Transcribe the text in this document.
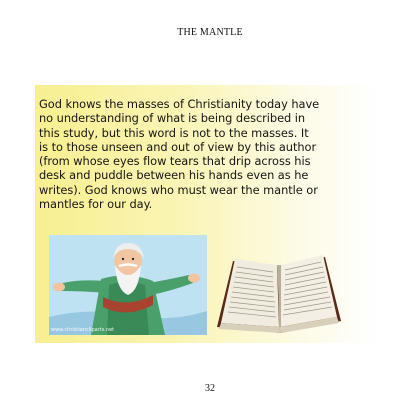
THE MANTLE
God knows the masses of Christianity today have
no understanding of what is being described in
this study, but this word is not to the masses. It
is to those unseen and out of view by this author
(from whose eyes flow tears that drip across his
desk and puddle between his hands even as he
writes). God knows who must wear the mantle or
mantles for our day.
www.christiancliparts.net
32
